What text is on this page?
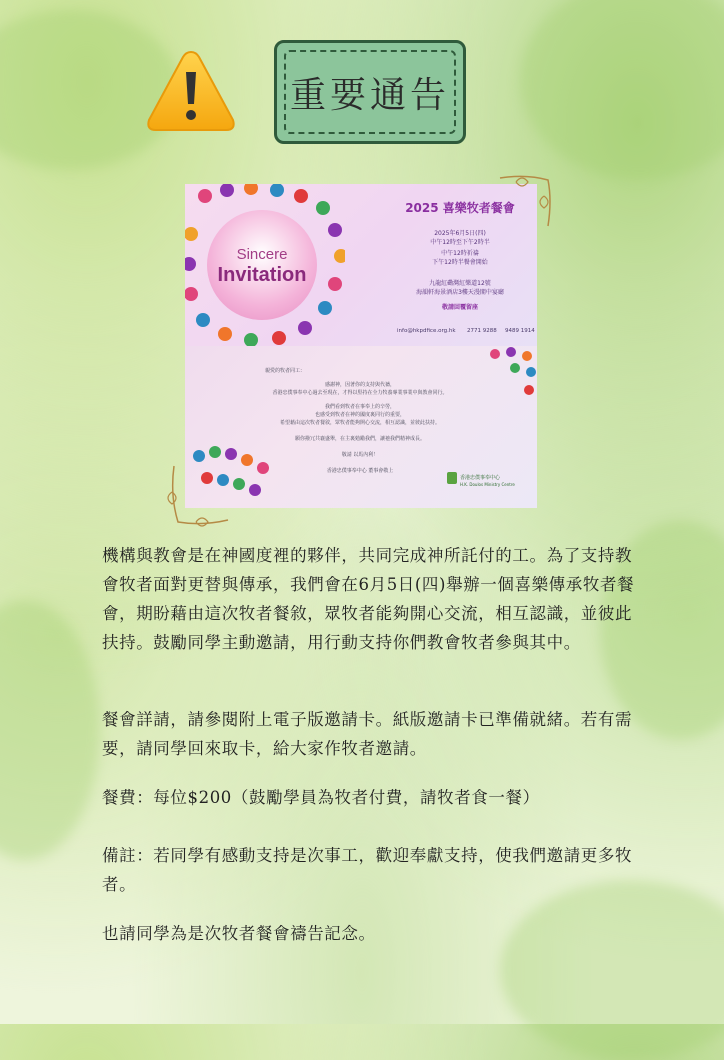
重要通告
Sincere
Invitation
2025 喜樂牧者餐會
2025年6月5日(四)
中午12時至下午2時半
中午12時祈禱
下午12時半餐會開始
九龍紅磡灣紅樂道12號
海韻軒海景酒店3樓天漫閣中宴廳
敬請回覆留座
info@hkpdfice.org.hk 2771 9288 9489 1914
親愛的牧者同工：
感謝神，因著你的支持與代禱，
香港忠僕事奉中心過去至現在，才得以堅持在全力牧養專業事業中與教會同行。
我們看到牧者在事奉上的辛勞，
也感受到牧者在神的國度裏同行的重要，
希望藉由這次牧者餐敘，眾牧者能夠開心交流，相互認識，並彼此扶持。
願你撥冗共襄盛舉，在主裏勉勵我們，讓祂我們精神成長。
敬請 以馬內利！
香港忠僕事奉中心 董事會敬上
香港忠僕事奉中心
H.K. Doulos Ministry Centre

機構與教會是在神國度裡的夥伴，共同完成神所託付的工。為了支持教會牧者面對更替與傳承，我們會在6月5日(四)舉辦一個喜樂傳承牧者餐會，期盼藉由這次牧者餐敘，眾牧者能夠開心交流，相互認識，並彼此扶持。鼓勵同學主動邀請，用行動支持你們教會牧者參與其中。

餐會詳請，請參閱附上電子版邀請卡。紙版邀請卡已準備就緒。若有需要，請同學回來取卡，給大家作牧者邀請。

餐費：每位$200（鼓勵學員為牧者付費，請牧者食一餐）

備註：若同學有感動支持是次事工，歡迎奉獻支持，使我們邀請更多牧者。

也請同學為是次牧者餐會禱告記念。
